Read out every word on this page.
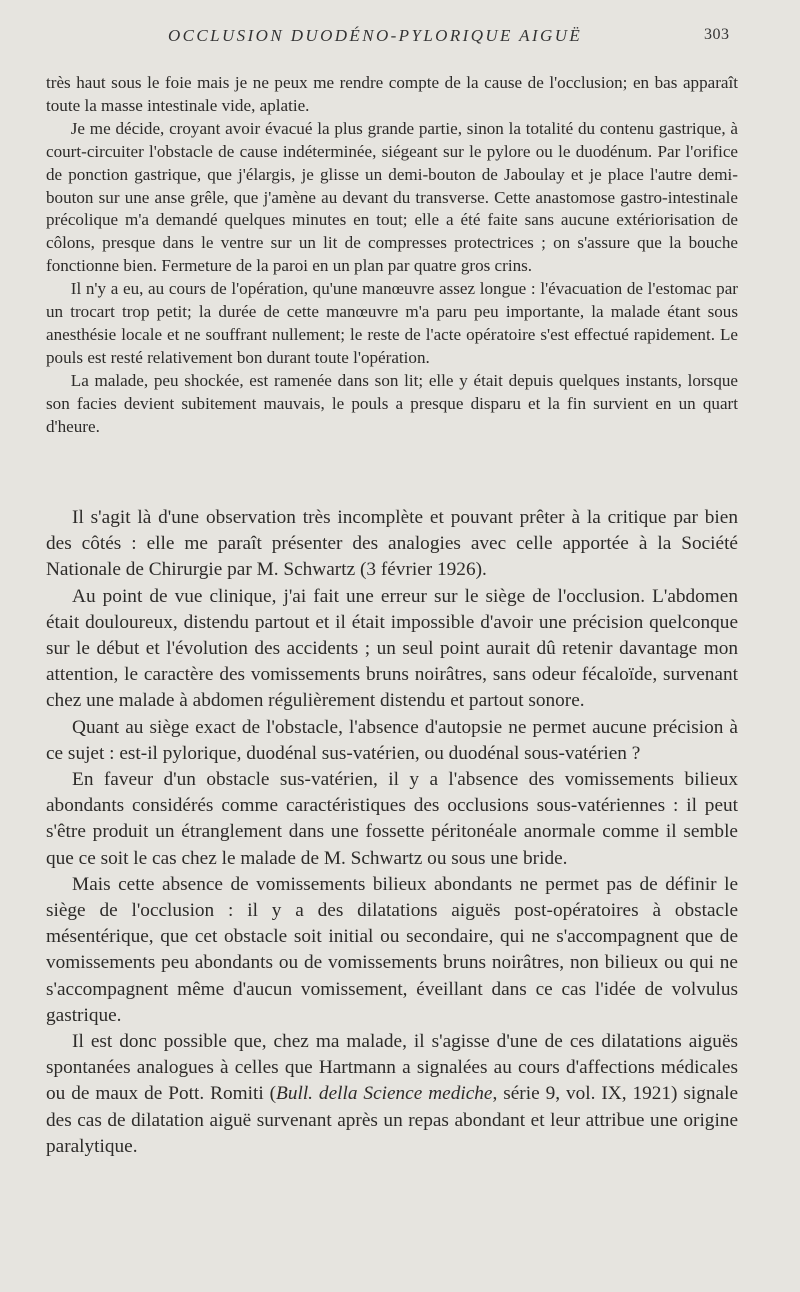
OCCLUSION DUODÉNO-PYLORIQUE AIGUË	303

très haut sous le foie mais je ne peux me rendre compte de la cause de l'occlusion; en bas apparaît toute la masse intestinale vide, aplatie.

Je me décide, croyant avoir évacué la plus grande partie, sinon la totalité du contenu gastrique, à court-circuiter l'obstacle de cause indéterminée, siégeant sur le pylore ou le duodénum. Par l'orifice de ponction gastrique, que j'élargis, je glisse un demi-bouton de Jaboulay et je place l'autre demi-bouton sur une anse grêle, que j'amène au devant du transverse. Cette anastomose gastro-intestinale précolique m'a demandé quelques minutes en tout; elle a été faite sans aucune extériorisation de côlons, presque dans le ventre sur un lit de compresses protectrices ; on s'assure que la bouche fonctionne bien. Fermeture de la paroi en un plan par quatre gros crins.

Il n'y a eu, au cours de l'opération, qu'une manœuvre assez longue : l'évacuation de l'estomac par un trocart trop petit; la durée de cette manœuvre m'a paru peu importante, la malade étant sous anesthésie locale et ne souffrant nullement; le reste de l'acte opératoire s'est effectué rapidement. Le pouls est resté relativement bon durant toute l'opération.

La malade, peu shockée, est ramenée dans son lit; elle y était depuis quelques instants, lorsque son facies devient subitement mauvais, le pouls a presque disparu et la fin survient en un quart d'heure.

Il s'agit là d'une observation très incomplète et pouvant prêter à la critique par bien des côtés : elle me paraît présenter des analogies avec celle apportée à la Société Nationale de Chirurgie par M. Schwartz (3 février 1926).

Au point de vue clinique, j'ai fait une erreur sur le siège de l'occlusion. L'abdomen était douloureux, distendu partout et il était impossible d'avoir une précision quelconque sur le début et l'évolution des accidents ; un seul point aurait dû retenir davantage mon attention, le caractère des vomissements bruns noirâtres, sans odeur fécaloïde, survenant chez une malade à abdomen régulièrement distendu et partout sonore.

Quant au siège exact de l'obstacle, l'absence d'autopsie ne permet aucune précision à ce sujet : est-il pylorique, duodénal sus-vatérien, ou duodénal sous-vatérien ?

En faveur d'un obstacle sus-vatérien, il y a l'absence des vomissements bilieux abondants considérés comme caractéristiques des occlusions sous-vatériennes : il peut s'être produit un étranglement dans une fossette péritonéale anormale comme il semble que ce soit le cas chez le malade de M. Schwartz ou sous une bride.

Mais cette absence de vomissements bilieux abondants ne permet pas de définir le siège de l'occlusion : il y a des dilatations aiguës post-opératoires à obstacle mésentérique, que cet obstacle soit initial ou secondaire, qui ne s'accompagnent que de vomissements peu abondants ou de vomissements bruns noirâtres, non bilieux ou qui ne s'accompagnent même d'aucun vomissement, éveillant dans ce cas l'idée de volvulus gastrique.

Il est donc possible que, chez ma malade, il s'agisse d'une de ces dilatations aiguës spontanées analogues à celles que Hartmann a signalées au cours d'affections médicales ou de maux de Pott. Romiti (Bull. della Science mediche, série 9, vol. IX, 1921) signale des cas de dilatation aiguë survenant après un repas abondant et leur attribue une origine paralytique.
